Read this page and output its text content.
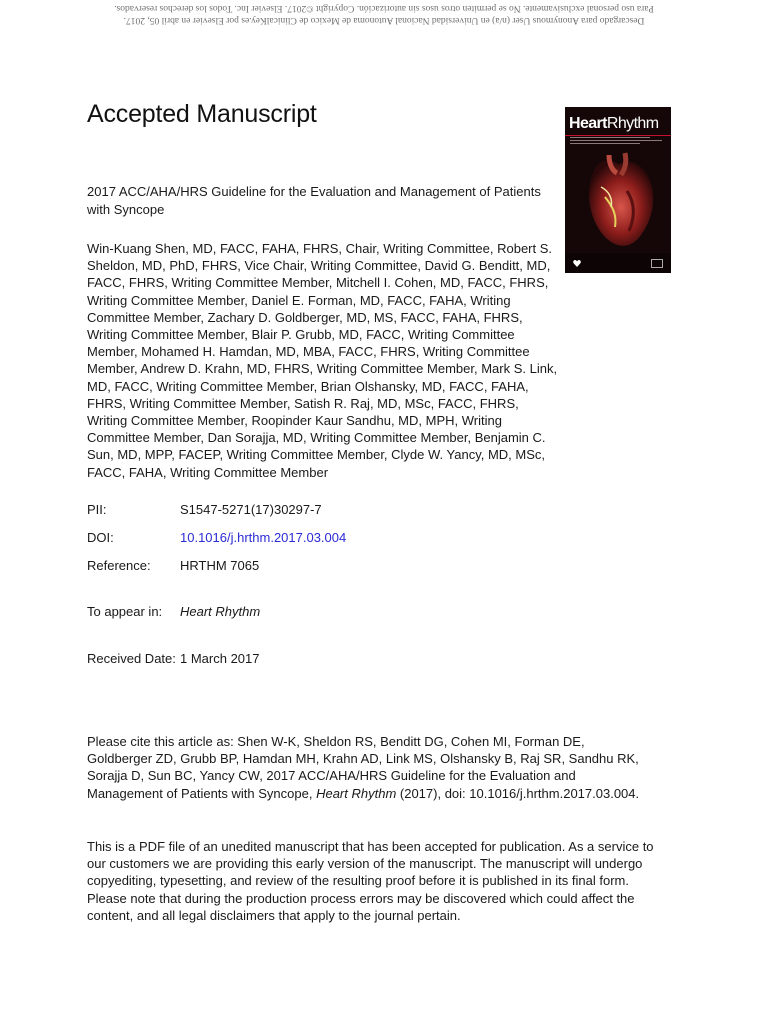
Descargado para Anonymous User (n/a) en Universidad Nacional Autonoma de Mexico de ClinicalKey.es por Elsevier en abril 05, 2017.
Para uso personal exclusivamente. No se permiten otros usos sin autorización. Copyright ©2017. Elsevier Inc. Todos los derechos reservados.
Accepted Manuscript	HeartRhythm
2017 ACC/AHA/HRS Guideline for the Evaluation and Management of Patients with Syncope
Win-Kuang Shen, MD, FACC, FAHA, FHRS, Chair, Writing Committee, Robert S. Sheldon, MD, PhD, FHRS, Vice Chair, Writing Committee, David G. Benditt, MD, FACC, FHRS, Writing Committee Member, Mitchell I. Cohen, MD, FACC, FHRS, Writing Committee Member, Daniel E. Forman, MD, FACC, FAHA, Writing Committee Member, Zachary D. Goldberger, MD, MS, FACC, FAHA, FHRS, Writing Committee Member, Blair P. Grubb, MD, FACC, Writing Committee Member, Mohamed H. Hamdan, MD, MBA, FACC, FHRS, Writing Committee Member, Andrew D. Krahn, MD, FHRS, Writing Committee Member, Mark S. Link, MD, FACC, Writing Committee Member, Brian Olshansky, MD, FACC, FAHA, FHRS, Writing Committee Member, Satish R. Raj, MD, MSc, FACC, FHRS, Writing Committee Member, Roopinder Kaur Sandhu, MD, MPH, Writing Committee Member, Dan Sorajja, MD, Writing Committee Member, Benjamin C. Sun, MD, MPP, FACEP, Writing Committee Member, Clyde W. Yancy, MD, MSc, FACC, FAHA, Writing Committee Member
PII:	S1547-5271(17)30297-7
DOI:	10.1016/j.hrthm.2017.03.004
Reference: HRTHM 7065
To appear in: Heart Rhythm
Received Date: 1 March 2017
Please cite this article as: Shen W-K, Sheldon RS, Benditt DG, Cohen MI, Forman DE, Goldberger ZD, Grubb BP, Hamdan MH, Krahn AD, Link MS, Olshansky B, Raj SR, Sandhu RK, Sorajja D, Sun BC, Yancy CW, 2017 ACC/AHA/HRS Guideline for the Evaluation and Management of Patients with Syncope, Heart Rhythm (2017), doi: 10.1016/j.hrthm.2017.03.004.
This is a PDF file of an unedited manuscript that has been accepted for publication. As a service to our customers we are providing this early version of the manuscript. The manuscript will undergo copyediting, typesetting, and review of the resulting proof before it is published in its final form. Please note that during the production process errors may be discovered which could affect the content, and all legal disclaimers that apply to the journal pertain.
